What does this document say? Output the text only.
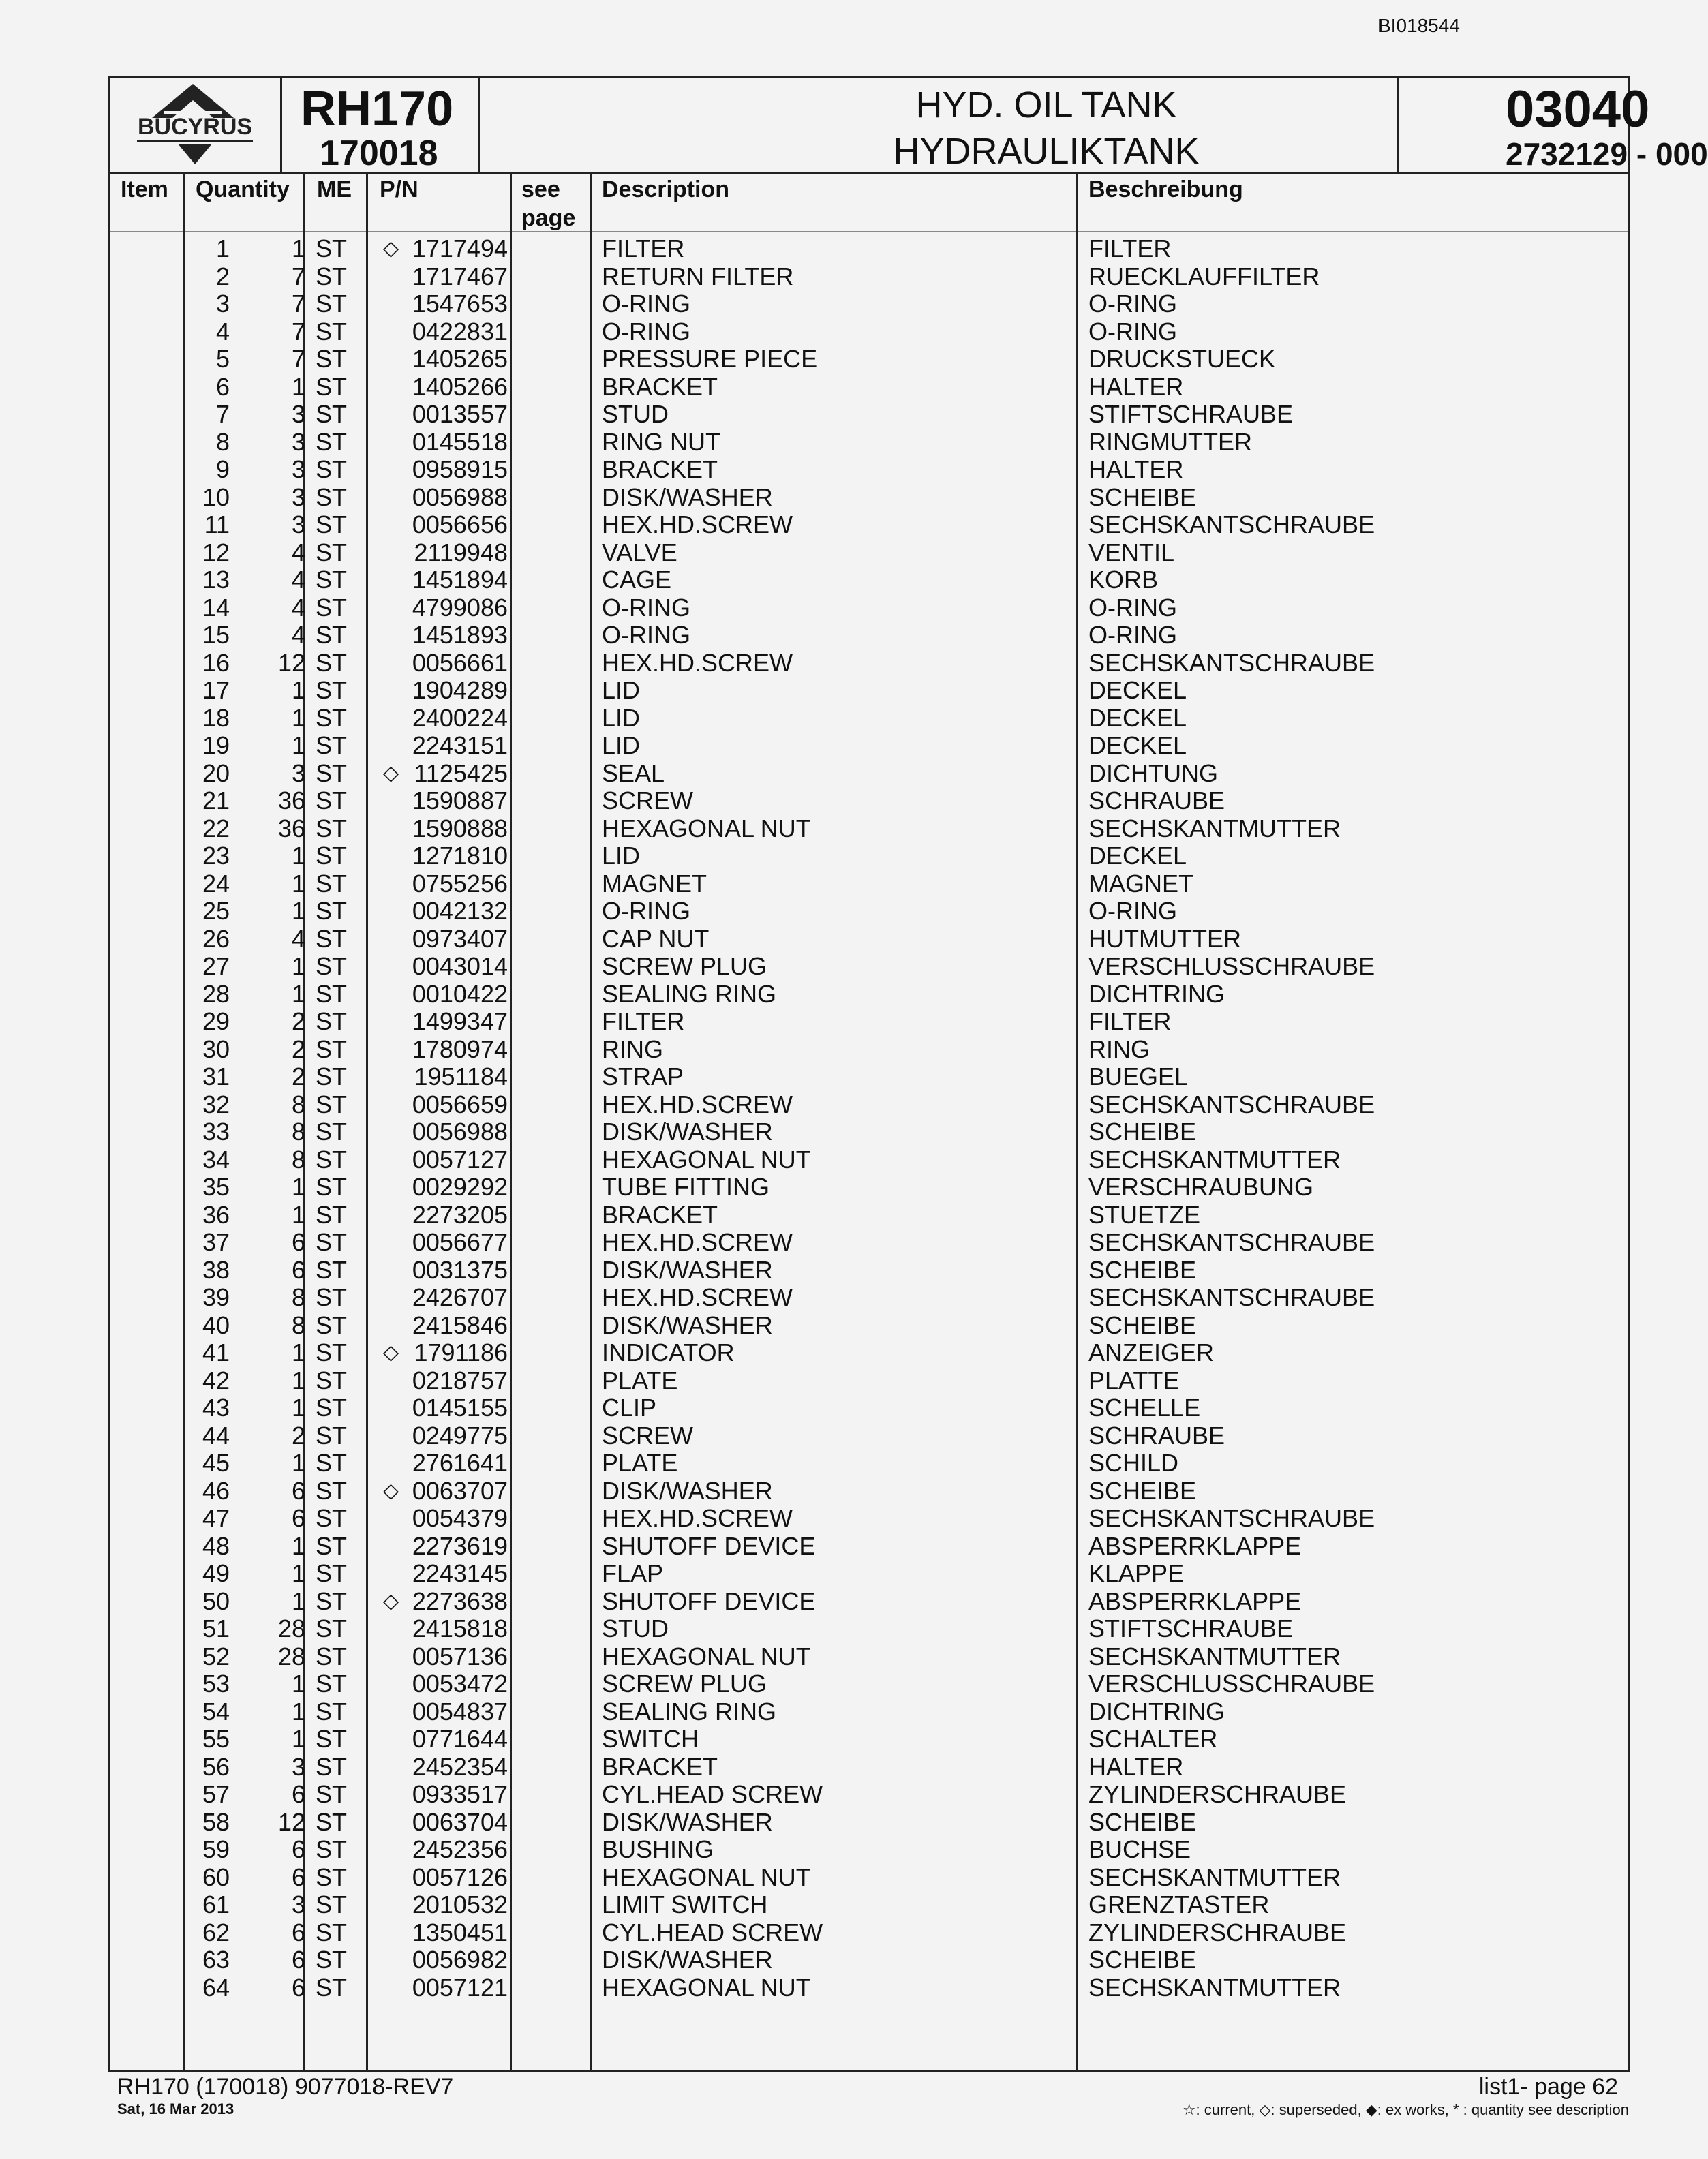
BI018544
BUCYRUS RH170
170018
HYD. OIL TANK
HYDRAULIKTANK
03040
2732129 - 000
Item Quantity ME P/N	see
page
Description	Beschreibung
1	1 ST ◇ 1717494	FILTER	FILTER
2	7 ST	1717467	RETURN FILTER	RUECKLAUFFILTER
3	7 ST	1547653	O-RING	O-RING
4	7 ST	0422831	O-RING	O-RING
5	7 ST	1405265	PRESSURE PIECE	DRUCKSTUECK
6	1 ST	1405266	BRACKET	HALTER
7	3 ST	0013557	STUD	STIFTSCHRAUBE
8	3 ST	0145518	RING NUT	RINGMUTTER
9	3 ST	0958915	BRACKET	HALTER
10	3 ST	0056988	DISK/WASHER	SCHEIBE
11	3 ST	0056656	HEX.HD.SCREW	SECHSKANTSCHRAUBE
12	4 ST	2119948	VALVE	VENTIL
13	4 ST	1451894	CAGE	KORB
14	4 ST	4799086	O-RING	O-RING
15	4 ST	1451893	O-RING	O-RING
16 12 ST	0056661	HEX.HD.SCREW	SECHSKANTSCHRAUBE
17	1 ST	1904289	LID	DECKEL
18	1 ST	2400224	LID	DECKEL
19	1 ST	2243151	LID	DECKEL
20	3 ST ◇ 1125425	SEAL	DICHTUNG
21 36 ST	1590887	SCREW	SCHRAUBE
22 36 ST	1590888	HEXAGONAL NUT	SECHSKANTMUTTER
23	1 ST	1271810	LID	DECKEL
24	1 ST	0755256	MAGNET	MAGNET
25	1 ST	0042132	O-RING	O-RING
26	4 ST	0973407	CAP NUT	HUTMUTTER
27	1 ST	0043014	SCREW PLUG	VERSCHLUSSCHRAUBE
28	1 ST	0010422	SEALING RING	DICHTRING
29	2 ST	1499347	FILTER	FILTER
30	2 ST	1780974	RING	RING
31	2 ST	1951184	STRAP	BUEGEL
32	8 ST	0056659	HEX.HD.SCREW	SECHSKANTSCHRAUBE
33	8 ST	0056988	DISK/WASHER	SCHEIBE
34	8 ST	0057127	HEXAGONAL NUT	SECHSKANTMUTTER
35	1 ST	0029292	TUBE FITTING	VERSCHRAUBUNG
36	1 ST	2273205	BRACKET	STUETZE
37	6 ST	0056677	HEX.HD.SCREW	SECHSKANTSCHRAUBE
38	6 ST	0031375	DISK/WASHER	SCHEIBE
39	8 ST	2426707	HEX.HD.SCREW	SECHSKANTSCHRAUBE
40	8 ST	2415846	DISK/WASHER	SCHEIBE
41	1 ST ◇ 1791186	INDICATOR	ANZEIGER
42	1 ST	0218757	PLATE	PLATTE
43	1 ST	0145155	CLIP	SCHELLE
44	2 ST	0249775	SCREW	SCHRAUBE
45	1 ST	2761641	PLATE	SCHILD
46	6 ST ◇ 0063707	DISK/WASHER	SCHEIBE
47	6 ST	0054379	HEX.HD.SCREW	SECHSKANTSCHRAUBE
48	1 ST	2273619	SHUTOFF DEVICE	ABSPERRKLAPPE
49	1 ST	2243145	FLAP	KLAPPE
50	1 ST ◇ 2273638	SHUTOFF DEVICE	ABSPERRKLAPPE
51 28 ST	2415818	STUD	STIFTSCHRAUBE
52 28 ST	0057136	HEXAGONAL NUT	SECHSKANTMUTTER
53	1 ST	0053472	SCREW PLUG	VERSCHLUSSCHRAUBE
54	1 ST	0054837	SEALING RING	DICHTRING
55	1 ST	0771644	SWITCH	SCHALTER
56	3 ST	2452354	BRACKET	HALTER
57	6 ST	0933517	CYL.HEAD SCREW	ZYLINDERSCHRAUBE
58 12 ST	0063704	DISK/WASHER	SCHEIBE
59	6 ST	2452356	BUSHING	BUCHSE
60	6 ST	0057126	HEXAGONAL NUT	SECHSKANTMUTTER
61	3 ST	2010532	LIMIT SWITCH	GRENZTASTER
62	6 ST	1350451	CYL.HEAD SCREW	ZYLINDERSCHRAUBE
63	6 ST	0056982	DISK/WASHER	SCHEIBE
64	6 ST	0057121	HEXAGONAL NUT	SECHSKANTMUTTER
RH170 (170018) 9077018-REV7
Sat, 16 Mar 2013
list1- page 62
☆: current, ◇: superseded, ◆: ex works, * : quantity see description
